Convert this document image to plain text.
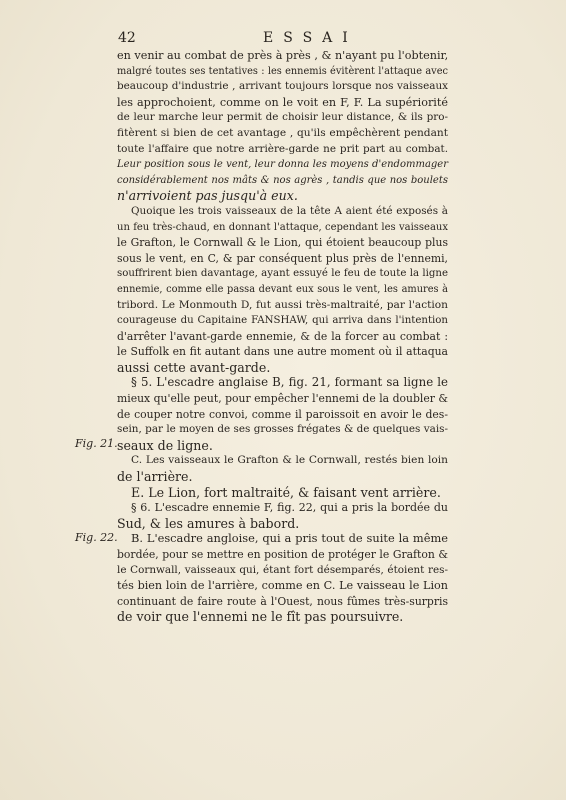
42	ESSAI
en venir au combat de près à près , & n'ayant pu l'obtenir,
malgré toutes ses tentatives : les ennemis évitèrent l'attaque avec
beaucoup d'industrie , arrivant toujours lorsque nos vaisseaux
les approchoient, comme on le voit en F, F. La supériorité
de leur marche leur permit de choisir leur distance, & ils pro-
fitèrent si bien de cet avantage , qu'ils empêchèrent pendant
toute l'affaire que notre arrière-garde ne prit part au combat.
Leur position sous le vent, leur donna les moyens d'endommager
considérablement nos mâts & nos agrès , tandis que nos boulets
n'arrivoient pas jusqu'à eux.
Quoique les trois vaisseaux de la tête A aient été exposés à
un feu très-chaud, en donnant l'attaque, cependant les vaisseaux
le Grafton, le Cornwall & le Lion, qui étoient beaucoup plus
sous le vent, en C, & par conséquent plus près de l'ennemi,
souffrirent bien davantage, ayant essuyé le feu de toute la ligne
ennemie, comme elle passa devant eux sous le vent, les amures à
tribord. Le Monmouth D, fut aussi très-maltraité, par l'action
courageuse du Capitaine FANSHAW, qui arriva dans l'intention
d'arrêter l'avant-garde ennemie, & de la forcer au combat :
le Suffolk en fit autant dans une autre moment où il attaqua
aussi cette avant-garde.
§ 5. L'escadre anglaise B, fig. 21, formant sa ligne le
mieux qu'elle peut, pour empêcher l'ennemi de la doubler &
de couper notre convoi, comme il paroissoit en avoir le des-
sein, par le moyen de ses grosses frégates & de quelques vais-
seaux de ligne.
C. Les vaisseaux le Grafton & le Cornwall, restés bien loin
de l'arrière.
E. Le Lion, fort maltraité, & faisant vent arrière.
§ 6. L'escadre ennemie F, fig. 22, qui a pris la bordée du
Sud, & les amures à babord.
B. L'escadre angloise, qui a pris tout de suite la même
bordée, pour se mettre en position de protéger le Grafton &
le Cornwall, vaisseaux qui, étant fort désemparés, étoient res-
tés bien loin de l'arrière, comme en C. Le vaisseau le Lion
continuant de faire route à l'Ouest, nous fûmes très-surpris
de voir que l'ennemi ne le fît pas poursuivre.
Fig. 21.
Fig. 22.
